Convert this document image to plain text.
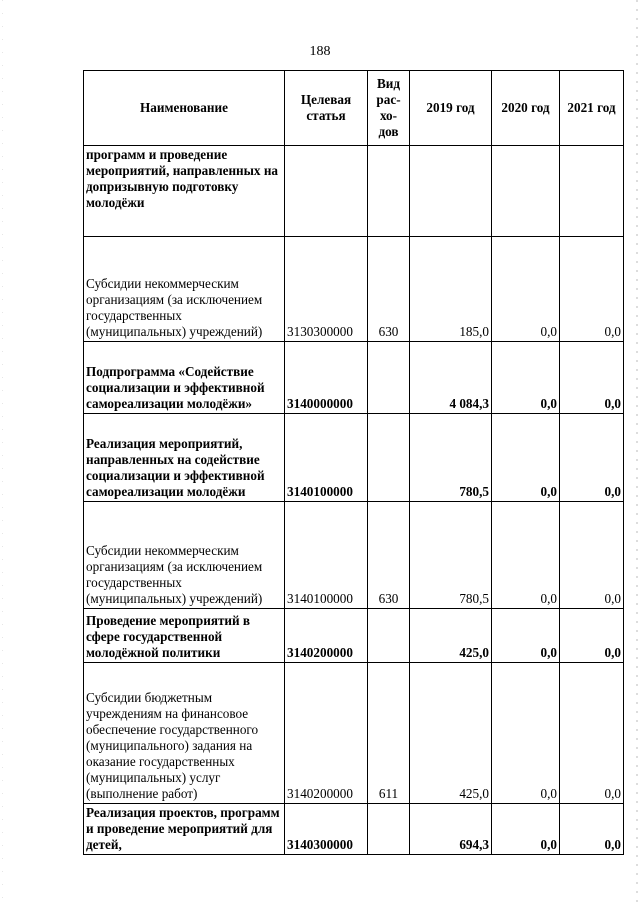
188
Наименование	Целевая статья	Вид рас-хо-дов	2019 год	2020 год	2021 год
программ и проведение мероприятий, направленных на допризывную подготовку молодёжи					
Субсидии некоммерческим организациям (за исключением государственных (муниципальных) учреждений)	3130300000	630	185,0	0,0	0,0
Подпрограмма «Содействие социализации и эффективной самореализации молодёжи»	3140000000		4 084,3	0,0	0,0
Реализация мероприятий, направленных на содействие социализации и эффективной самореализации молодёжи	3140100000		780,5	0,0	0,0
Субсидии некоммерческим организациям (за исключением государственных (муниципальных) учреждений)	3140100000	630	780,5	0,0	0,0
Проведение мероприятий в сфере государственной молодёжной политики	3140200000		425,0	0,0	0,0
Субсидии бюджетным учреждениям на финансовое обеспечение государственного (муниципального) задания на оказание государственных (муниципальных) услуг (выполнение работ)	3140200000	611	425,0	0,0	0,0
Реализация проектов, программ и проведение мероприятий для детей,	3140300000		694,3	0,0	0,0
